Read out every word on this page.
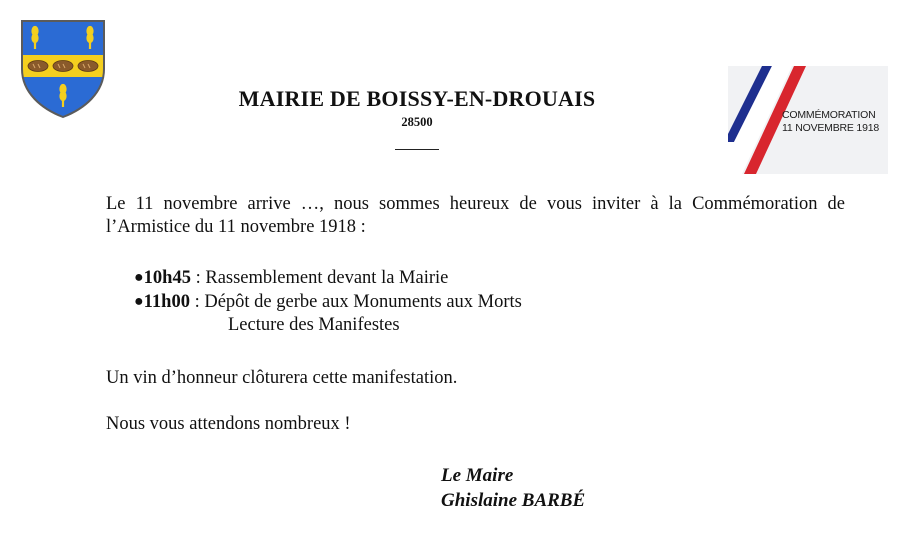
MAIRIE DE BOISSY-EN-DROUAIS
28500	COMMÉMORATION
11 NOVEMBRE 1918
Le 11 novembre arrive …, nous sommes heureux de vous inviter à la Commémoration de l’Armistice du 11 novembre 1918 :
●10h45 : Rassemblement devant la Mairie
●11h00 : Dépôt de gerbe aux Monuments aux Morts
Lecture des Manifestes
Un vin d’honneur clôturera cette manifestation.
Nous vous attendons nombreux !
Le Maire
Ghislaine BARBÉ
